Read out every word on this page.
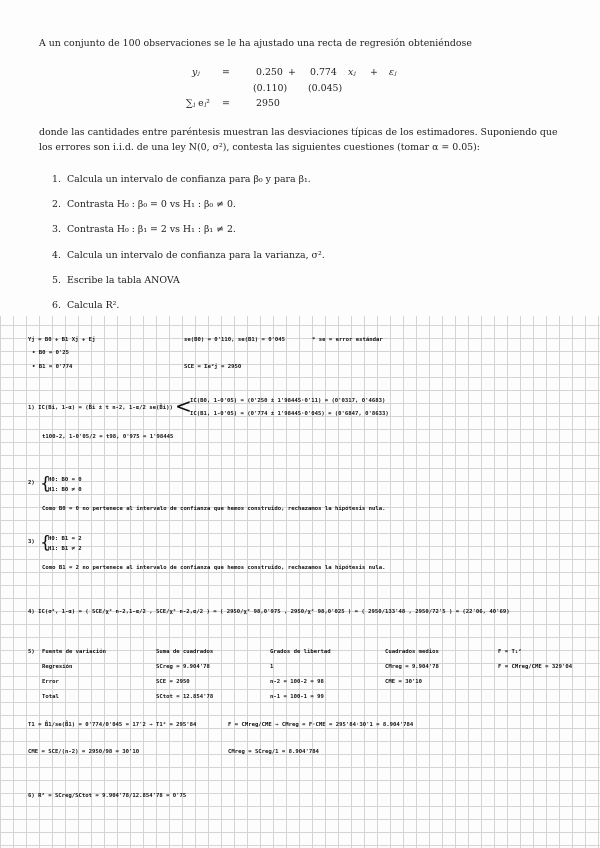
A un conjunto de 100 observaciones se le ha ajustado una recta de regresión obteniéndose
yⱼ =	0.250 + 0.774 xⱼ + εⱼ
(0.110) (0.045)
∑ⱼ eⱼ² =	2950
donde las cantidades entre paréntesis muestran las desviaciones típicas de los estimadores. Suponiendo que los errores son i.i.d. de una ley N(0, σ²), contesta las siguientes cuestiones (tomar α = 0.05):
1. Calcula un intervalo de confianza para β₀ y para β₁.
2. Contrasta H₀ : β₀ = 0 vs H₁ : β₀ ≠ 0.
3. Contrasta H₀ : β₁ = 2 vs H₁ : β₁ ≠ 2.
4. Calcula un intervalo de confianza para la varianza, σ².
5. Escribe la tabla ANOVA
6. Calcula R².
Yj = B0 + B1 Xj + Ej
• B0 = 0'25
• B1 = 0'774
se(B0) = 0'110, se(B1) = 0'045	* se = error estándar
SCE = Σe²j = 2950
1) IC(Bi, 1-α) = (B̂i ± t n-2, 1-α/2 se(B̂i)) <
IC(B0, 1-0'05) = (0'250 ± 1'98445·0'11) = (0'0317, 0'4683)
IC(B1, 1-0'05) = (0'774 ± 1'98445·0'045) = (0'6847, 0'8633)
t100-2, 1-0'05/2 = t98, 0'975 = 1'98445
2) {
H0: B0 = 0
H1: B0 ≠ 0
Como B0 = 0 no pertenece al intervalo de confianza que hemos construido, rechazamos la hipótesis nula.
3) {
H0: B1 = 2
H1: B1 ≠ 2
Como B1 = 2 no pertenece al intervalo de confianza que hemos construido, rechazamos la hipótesis nula.
4) IC(σ², 1-α) = ( SCE/χ² n-2,1-α/2 , SCE/χ² n-2,α/2 ) = ( 2950/χ² 98,0'975 , 2950/χ² 98,0'025 ) = ( 2950/133'48 , 2950/72'5 ) = (22'06, 40'69)
5) Fuente de variación	Suma de cuadrados	Grados de libertad	Cuadrados medios	F = T₁²
Regresión	SCreg = 9.904'78	1	CMreg = 9.904'78	F = CMreg/CME = 329'04
Error	SCE = 2950	n-2 = 100-2 = 98	CME = 30'10
Total	SCtot = 12.854'78	n-1 = 100-1 = 99
T1 = B̂1/se(B̂1) = 0'774/0'045 = 17'2 ⇒ T1² = 295'84	F = CMreg/CME ⇒ CMreg = F·CME = 295'84·30'1 = 8.904'784
CME = SCE/(n-2) = 2950/98 = 30'10	CMreg = SCreg/1 = 8.904'784
6) R² = SCreg/SCtot = 9.904'78/12.854'78 = 0'75
